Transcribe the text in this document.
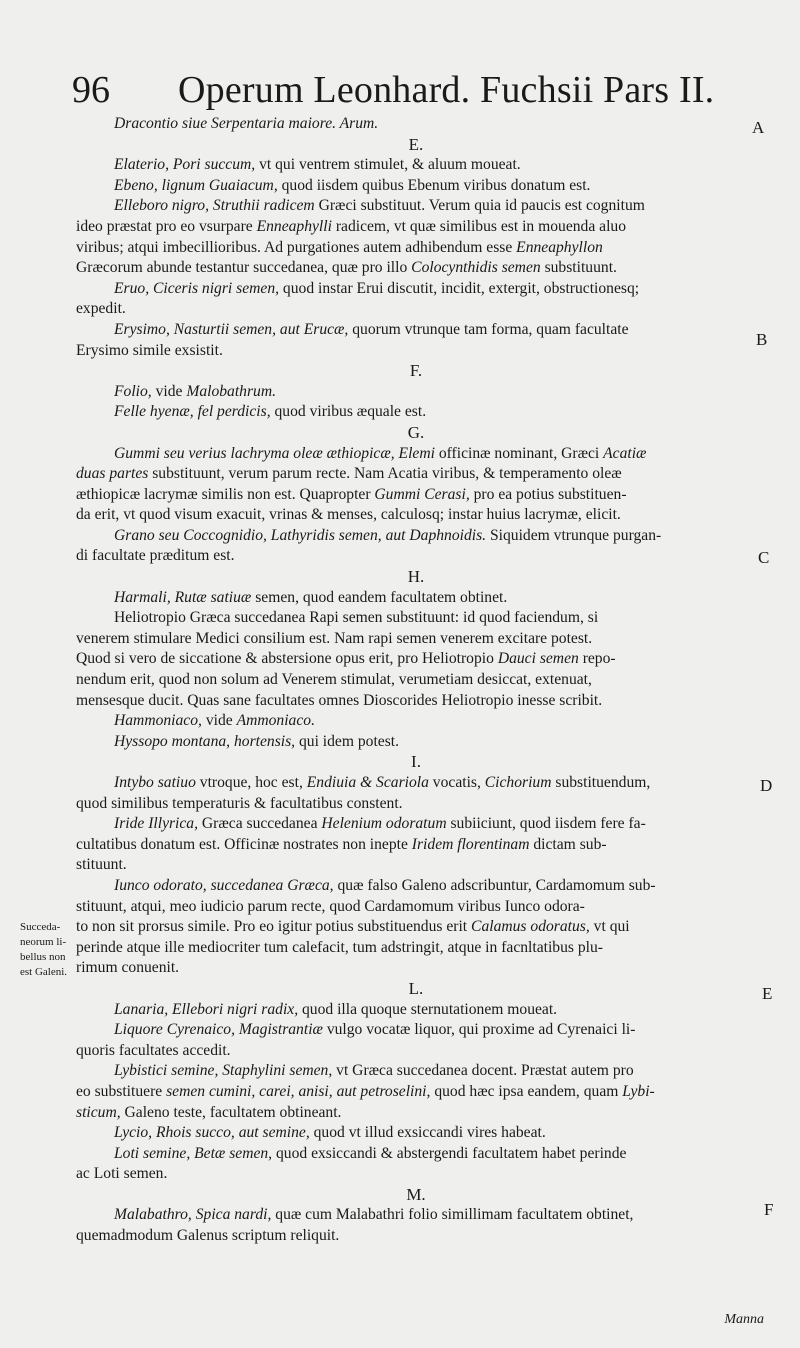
96 Operum Leonhard. Fuchsii Pars II.
A
B
C
D
E
F
Succeda-
neorum li-
bellus non
est Galeni.
Dracontio siue Serpentaria maiore. Arum.
E.
Elaterio, Pori succum, vt qui ventrem stimulet, & aluum moueat.
Ebeno, lignum Guaiacum, quod iisdem quibus Ebenum viribus donatum est.
Elleboro nigro, Struthii radicem Græci substituut. Verum quia id paucis est cognitum
ideo præstat pro eo vsurpare Enneaphylli radicem, vt quæ similibus est in mouenda aluo
viribus; atqui imbecillioribus. Ad purgationes autem adhibendum esse Enneaphyllon
Græcorum abunde testantur succedanea, quæ pro illo Colocynthidis semen substituunt.
Eruo, Ciceris nigri semen, quod instar Erui discutit, incidit, extergit, obstructionesq;
expedit.
Erysimo, Nasturtii semen, aut Erucæ, quorum vtrunque tam forma, quam facultate
Erysimo simile exsistit.
F.
Folio, vide Malobathrum.
Felle hyenæ, fel perdicis, quod viribus æquale est.
G.
Gummi seu verius lachryma oleæ æthiopicæ, Elemi officinæ nominant, Græci Acatiæ
duas partes substituunt, verum parum recte. Nam Acatia viribus, & temperamento oleæ
æthiopicæ lacrymæ similis non est. Quapropter Gummi Cerasi, pro ea potius substituen-
da erit, vt quod visum exacuit, vrinas & menses, calculosq; instar huius lacrymæ, elicit.
Grano seu Coccognidio, Lathyridis semen, aut Daphnoidis. Siquidem vtrunque purgan-
di facultate præditum est.
H.
Harmali, Rutæ satiuæ semen, quod eandem facultatem obtinet.
Heliotropio Græca succedanea Rapi semen substituunt: id quod faciendum, si
venerem stimulare Medici consilium est. Nam rapi semen venerem excitare potest.
Quod si vero de siccatione & abstersione opus erit, pro Heliotropio Dauci semen repo-
nendum erit, quod non solum ad Venerem stimulat, verumetiam desiccat, extenuat,
mensesque ducit. Quas sane facultates omnes Dioscorides Heliotropio inesse scribit.
Hammoniaco, vide Ammoniaco.
Hyssopo montana, hortensis, qui idem potest.
I.
Intybo satiuo vtroque, hoc est, Endiuia & Scariola vocatis, Cichorium substituendum,
quod similibus temperaturis & facultatibus constent.
Iride Illyrica, Græca succedanea Helenium odoratum subiiciunt, quod iisdem fere fa-
cultatibus donatum est. Officinæ nostrates non inepte Iridem florentinam dictam sub-
stituunt.
Iunco odorato, succedanea Græca, quæ falso Galeno adscribuntur, Cardamomum sub-
stituunt, atqui, meo iudicio parum recte, quod Cardamomum viribus Iunco odora-
to non sit prorsus simile. Pro eo igitur potius substituendus erit Calamus odoratus, vt qui
perinde atque ille mediocriter tum calefacit, tum adstringit, atque in facnltatibus plu-
rimum conuenit.
L.
Lanaria, Ellebori nigri radix, quod illa quoque sternutationem moueat.
Liquore Cyrenaico, Magistrantiæ vulgo vocatæ liquor, qui proxime ad Cyrenaici li-
quoris facultates accedit.
Lybistici semine, Staphylini semen, vt Græca succedanea docent. Præstat autem pro
eo substituere semen cumini, carei, anisi, aut petroselini, quod hæc ipsa eandem, quam Lybi-
sticum, Galeno teste, facultatem obtineant.
Lycio, Rhois succo, aut semine, quod vt illud exsiccandi vires habeat.
Loti semine, Betæ semen, quod exsiccandi & abstergendi facultatem habet perinde
ac Loti semen.
M.
Malabathro, Spica nardi, quæ cum Malabathri folio simillimam facultatem obtinet,
quemadmodum Galenus scriptum reliquit.
Manna
